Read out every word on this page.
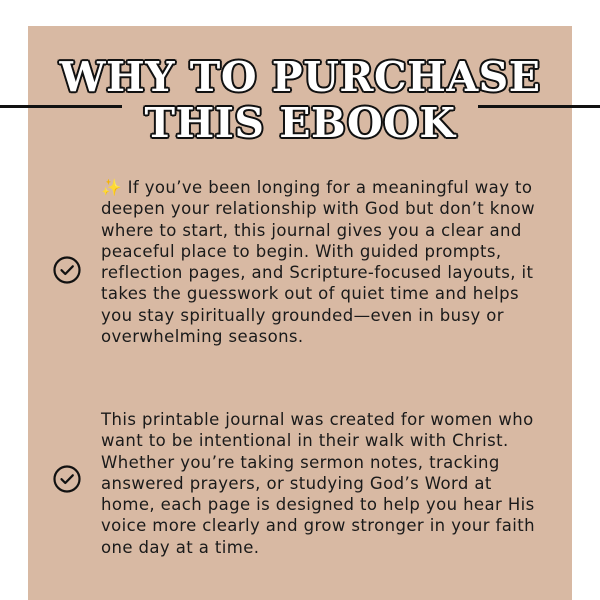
WHY TO PURCHASE
THIS EBOOK
✨ If you’ve been longing for a meaningful way to deepen your relationship with God but don’t know where to start, this journal gives you a clear and peaceful place to begin. With guided prompts, reflection pages, and Scripture-focused layouts, it takes the guesswork out of quiet time and helps you stay spiritually grounded—even in busy or overwhelming seasons.
This printable journal was created for women who want to be intentional in their walk with Christ. Whether you’re taking sermon notes, tracking answered prayers, or studying God’s Word at home, each page is designed to help you hear His voice more clearly and grow stronger in your faith one day at a time.
